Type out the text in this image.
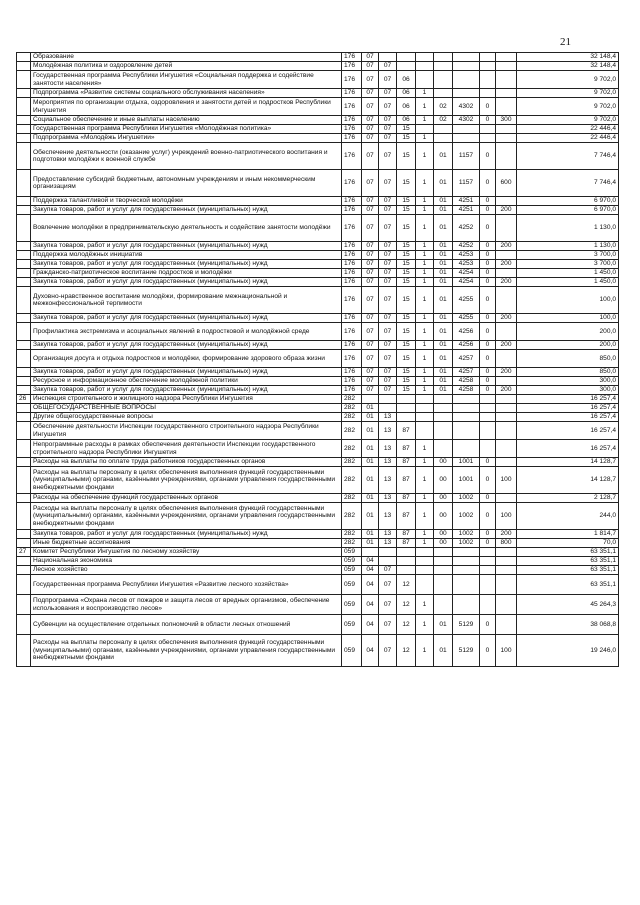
21
	Образование	176	07								32 148,4
	Молодёжная политика и оздоровление детей	176	07	07							32 148,4
	Государственная программа Республики Ингушетия «Социальная поддержка и содействие занятости населения»	176	07	07	06						9 702,0
	Подпрограмма «Развитие системы социального обслуживания населения»	176	07	07	06	1					9 702,0
	Мероприятия по организации отдыха, оздоровления и занятости детей и подростков Республики Ингушетия	176	07	07	06	1	02	4302	0		9 702,0
	Социальное обеспечение и иные выплаты населению	176	07	07	06	1	02	4302	0	300	9 702,0
	Государственная программа Республики Ингушетия «Молодёжная политика»	176	07	07	15						22 446,4
	Подпрограмма «Молодёжь Ингушетии»	176	07	07	15	1					22 446,4
	Обеспечение деятельности (оказание услуг) учреждений военно-патриотического воспитания и подготовки молодёжи к военной службе	176	07	07	15	1	01	1157	0		7 746,4
	Предоставление субсидий бюджетным, автономным учреждениям и иным некоммерческим организациям	176	07	07	15	1	01	1157	0	600	7 746,4
	Поддержка талантливой и творческой молодёжи	176	07	07	15	1	01	4251	0		6 970,0
	Закупка товаров, работ и услуг для государственных (муниципальных) нужд	176	07	07	15	1	01	4251	0	200	6 970,0
	Вовлечение молодёжи в предпринимательскую деятельность и содействие занятости молодёжи	176	07	07	15	1	01	4252	0		1 130,0
	Закупка товаров, работ и услуг для государственных (муниципальных) нужд	176	07	07	15	1	01	4252	0	200	1 130,0
	Поддержка молодёжных инициатив	176	07	07	15	1	01	4253	0		3 700,0
	Закупка товаров, работ и услуг для государственных (муниципальных) нужд	176	07	07	15	1	01	4253	0	200	3 700,0
	Гражданско-патриотическое воспитание подростков и молодёжи	176	07	07	15	1	01	4254	0		1 450,0
	Закупка товаров, работ и услуг для государственных (муниципальных) нужд	176	07	07	15	1	01	4254	0	200	1 450,0
	Духовно-нравственное воспитание молодёжи, формирование межнациональной и межконфессиональной терпимости	176	07	07	15	1	01	4255	0		100,0
	Закупка товаров, работ и услуг для государственных (муниципальных) нужд	176	07	07	15	1	01	4255	0	200	100,0
	Профилактика экстремизма и асоциальных явлений в подростковой и молодёжной среде	176	07	07	15	1	01	4256	0		200,0
	Закупка товаров, работ и услуг для государственных (муниципальных) нужд	176	07	07	15	1	01	4256	0	200	200,0
	Организация досуга и отдыха подростков и молодёжи, формирование здорового образа жизни	176	07	07	15	1	01	4257	0		850,0
	Закупка товаров, работ и услуг для государственных (муниципальных) нужд	176	07	07	15	1	01	4257	0	200	850,0
	Ресурсное и информационное обеспечение молодёжной политики	176	07	07	15	1	01	4258	0		300,0
	Закупка товаров, работ и услуг для государственных (муниципальных) нужд	176	07	07	15	1	01	4258	0	200	300,0
26	Инспекция строительного и жилищного надзора Республики Ингушетия	282									16 257,4
	ОБЩЕГОСУДАРСТВЕННЫЕ ВОПРОСЫ	282	01								16 257,4
	Другие общегосударственные вопросы	282	01	13							16 257,4
	Обеспечение деятельности Инспекции государственного строительного надзора Республики Ингушетия	282	01	13	87						16 257,4
	Непрограммные расходы в рамках обеспечения деятельности Инспекции государственного строительного надзора Республики Ингушетия	282	01	13	87	1					16 257,4
	Расходы на выплаты по оплате труда работников государственных органов	282	01	13	87	1	00	1001	0		14 128,7
	Расходы на выплаты персоналу в целях обеспечения выполнения функций государственными (муниципальными) органами, казёнными учреждениями, органами управления государственными внебюджетными фондами	282	01	13	87	1	00	1001	0	100	14 128,7
	Расходы на обеспечение функций государственных органов	282	01	13	87	1	00	1002	0		2 128,7
	Расходы на выплаты персоналу в целях обеспечения выполнения функций государственными (муниципальными) органами, казёнными учреждениями, органами управления государственными внебюджетными фондами	282	01	13	87	1	00	1002	0	100	244,0
	Закупка товаров, работ и услуг для государственных (муниципальных) нужд	282	01	13	87	1	00	1002	0	200	1 814,7
	Иные бюджетные ассигнования	282	01	13	87	1	00	1002	0	800	70,0
27	Комитет Республики Ингушетия по лесному хозяйству	059									63 351,1
	Национальная экономика	059	04								63 351,1
	Лесное хозяйство	059	04	07							63 351,1
	Государственная программа Республики Ингушетия «Развитие лесного хозяйства»	059	04	07	12						63 351,1
	Подпрограмма «Охрана лесов от пожаров и защита лесов от вредных организмов, обеспечение использования и воспроизводство лесов»	059	04	07	12	1					45 264,3
	Субвенции на осуществление отдельных полномочий в области лесных отношений	059	04	07	12	1	01	5129	0		38 068,8
	Расходы на выплаты персоналу в целях обеспечения выполнения функций государственными (муниципальными) органами, казёнными учреждениями, органами управления государственными внебюджетными фондами	059	04	07	12	1	01	5129	0	100	19 246,0
